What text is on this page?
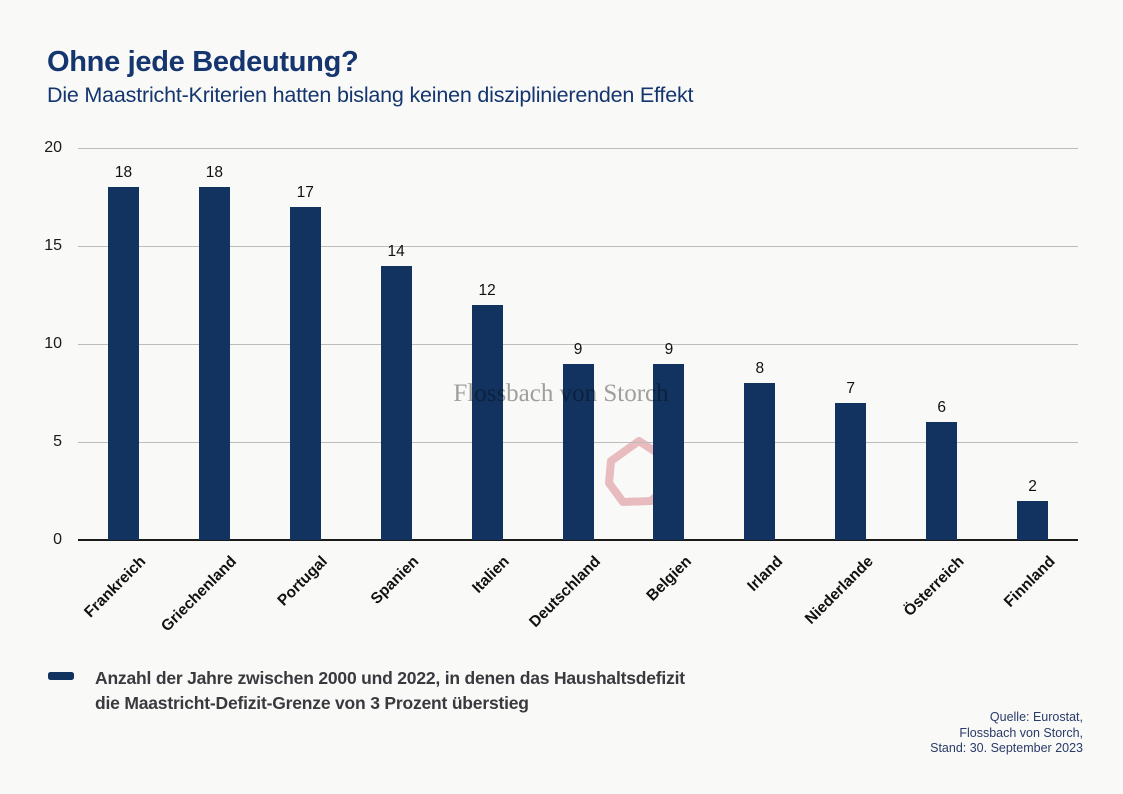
Ohne jede Bedeutung?
Die Maastricht-Kriterien hatten bislang keinen disziplinierenden Effekt
0
5
10
15
20
18
Frankreich
18
Griechenland
17
Portugal
14
Spanien
12
Italien
9
Deutschland
9
Belgien
8
Irland
7
Niederlande
6
Österreich
2
Finnland
Flossbach von Storch
Anzahl der Jahre zwischen 2000 und 2022, in denen das Haushaltsdefizit
die Maastricht-Defizit-Grenze von 3 Prozent überstieg
Quelle: Eurostat,
Flossbach von Storch,
Stand: 30. September 2023
